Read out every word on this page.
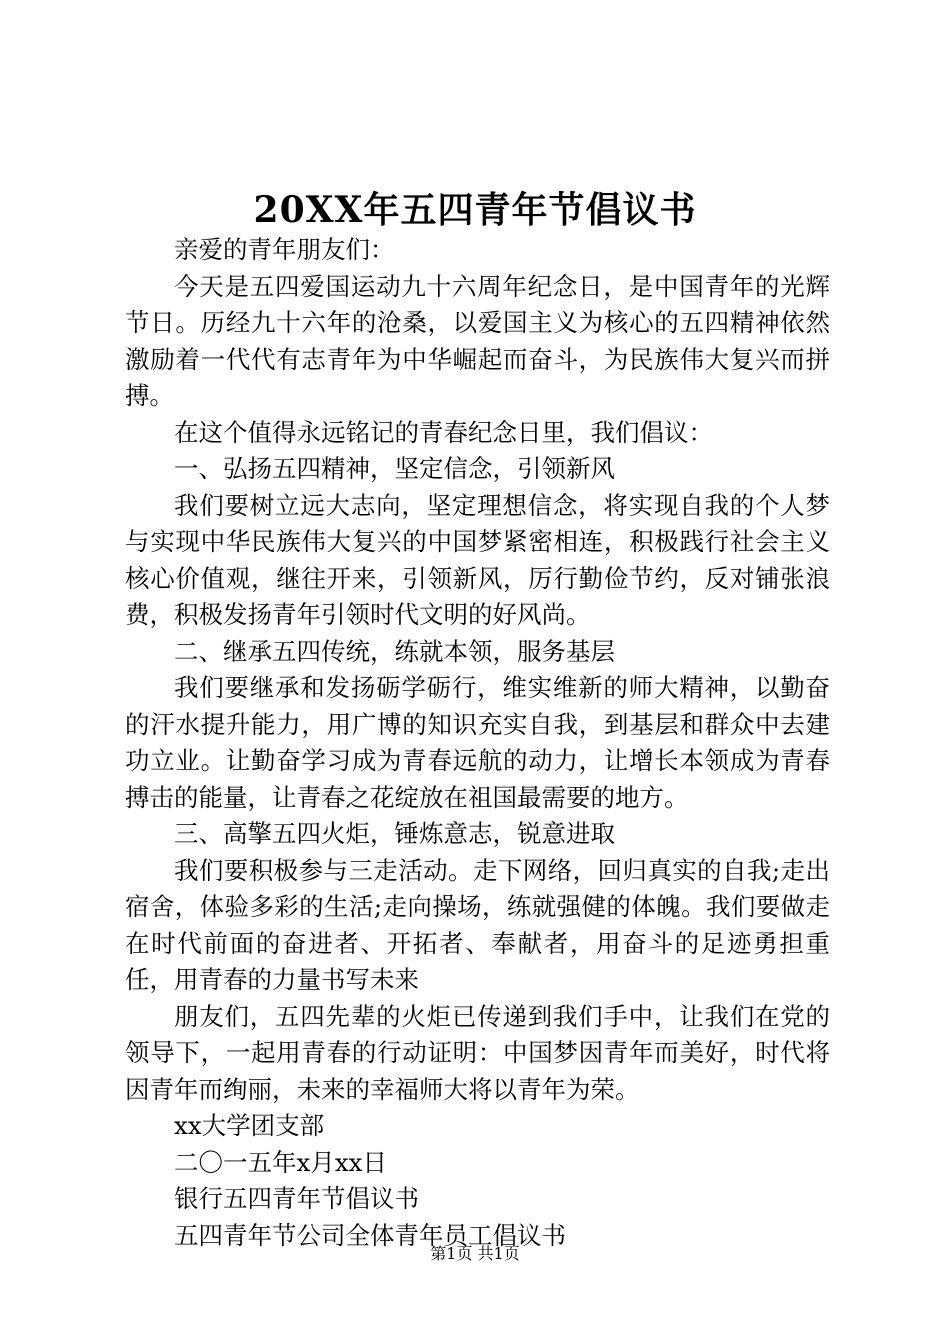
20XX年五四青年节倡议书

亲爱的青年朋友们：

今天是五四爱国运动九十六周年纪念日，是中国青年的光辉节日。历经九十六年的沧桑，以爱国主义为核心的五四精神依然激励着一代代有志青年为中华崛起而奋斗，为民族伟大复兴而拼搏。

在这个值得永远铭记的青春纪念日里，我们倡议：

一、弘扬五四精神，坚定信念，引领新风

我们要树立远大志向，坚定理想信念，将实现自我的个人梦与实现中华民族伟大复兴的中国梦紧密相连，积极践行社会主义核心价值观，继往开来，引领新风，厉行勤俭节约，反对铺张浪费，积极发扬青年引领时代文明的好风尚。

二、继承五四传统，练就本领，服务基层

我们要继承和发扬砺学砺行，维实维新的师大精神，以勤奋的汗水提升能力，用广博的知识充实自我，到基层和群众中去建功立业。让勤奋学习成为青春远航的动力，让增长本领成为青春搏击的能量，让青春之花绽放在祖国最需要的地方。

三、高擎五四火炬，锤炼意志，锐意进取

我们要积极参与三走活动。走下网络，回归真实的自我;走出宿舍，体验多彩的生活;走向操场，练就强健的体魄。我们要做走在时代前面的奋进者、开拓者、奉献者，用奋斗的足迹勇担重任，用青春的力量书写未来

朋友们，五四先辈的火炬已传递到我们手中，让我们在党的领导下，一起用青春的行动证明：中国梦因青年而美好，时代将因青年而绚丽，未来的幸福师大将以青年为荣。

xx大学团支部

二〇一五年x月xx日

银行五四青年节倡议书

五四青年节公司全体青年员工倡议书

第1页 共1页
